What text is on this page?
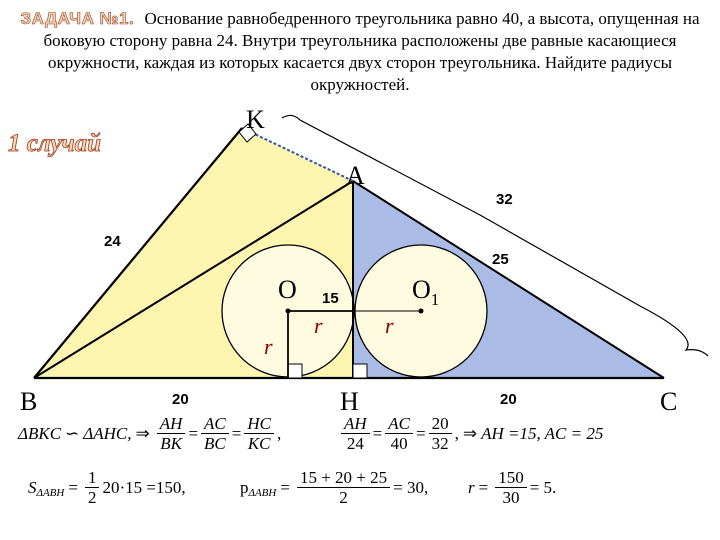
ЗАДАЧА №1. Основание равнобедренного треугольника равно 40, а высота, опущенная на боковую сторону равна 24. Внутри треугольника расположены две равные касающиеся окружности, каждая из которых касается двух сторон треугольника. Найдите радиусы окружностей.
1 случай
K
A
B	C
H
O	$O_1$
24
32
25
15
20	20
r	r
r
ΔBKC ∽ ΔAHC, ⇒ $\frac{AH}{BK} = \frac{AC}{BC} = \frac{HC}{KC}$ ,	$\frac{AH}{24} = \frac{AC}{40} = \frac{20}{32}$ , ⇒ AH =15, AC = 25
S $\Delta ABH = \frac{1}{2} 20\cdot 15 =150$,	p $\Delta ABH = \frac{15 + 20 + 25}{2} = 30$, $r = \frac{150}{30} = 5$.
